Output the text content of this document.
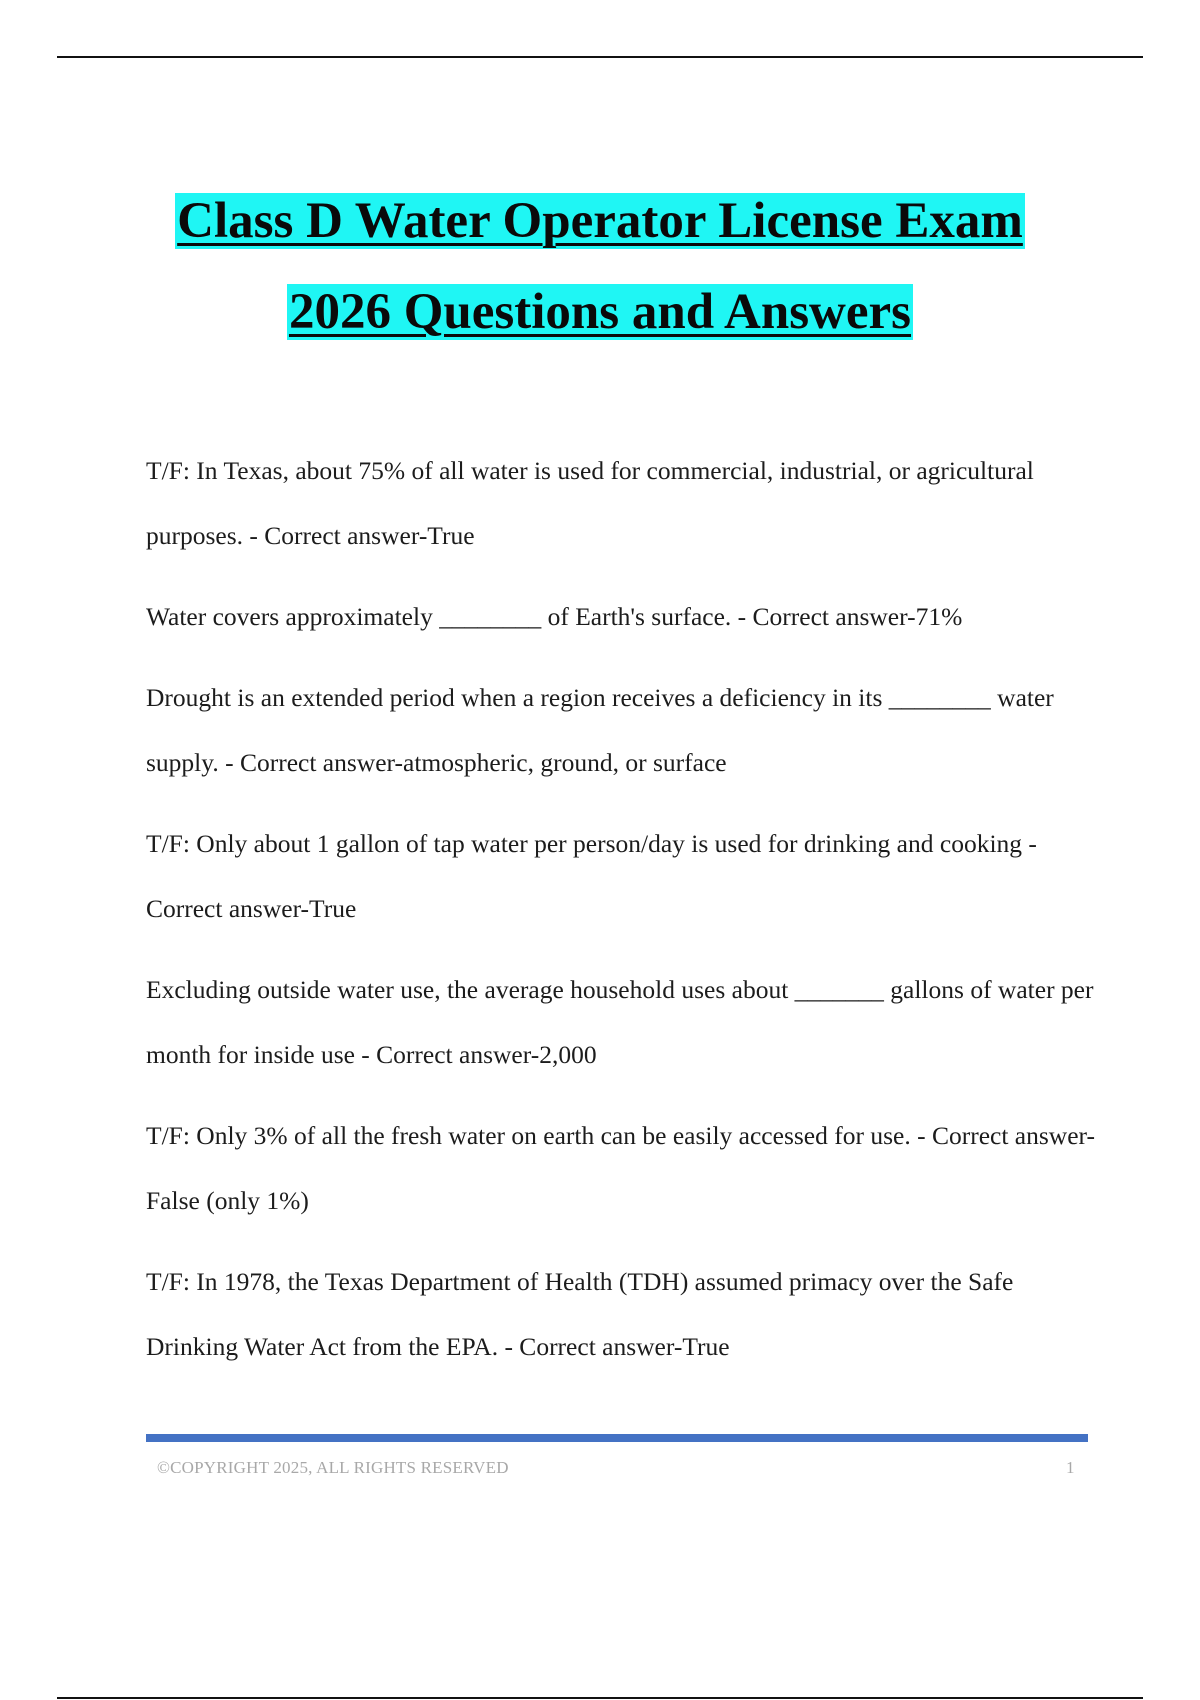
Class D Water Operator License Exam
2026 Questions and Answers

T/F: In Texas, about 75% of all water is used for commercial, industrial, or agricultural purposes. - Correct answer-True

Water covers approximately ________ of Earth's surface. - Correct answer-71%

Drought is an extended period when a region receives a deficiency in its ________ water supply. - Correct answer-atmospheric, ground, or surface

T/F: Only about 1 gallon of tap water per person/day is used for drinking and cooking - Correct answer-True

Excluding outside water use, the average household uses about _______ gallons of water per month for inside use - Correct answer-2,000

T/F: Only 3% of all the fresh water on earth can be easily accessed for use. - Correct answer-False (only 1%)

T/F: In 1978, the Texas Department of Health (TDH) assumed primacy over the Safe Drinking Water Act from the EPA. - Correct answer-True

©COPYRIGHT 2025, ALL RIGHTS RESERVED	1
